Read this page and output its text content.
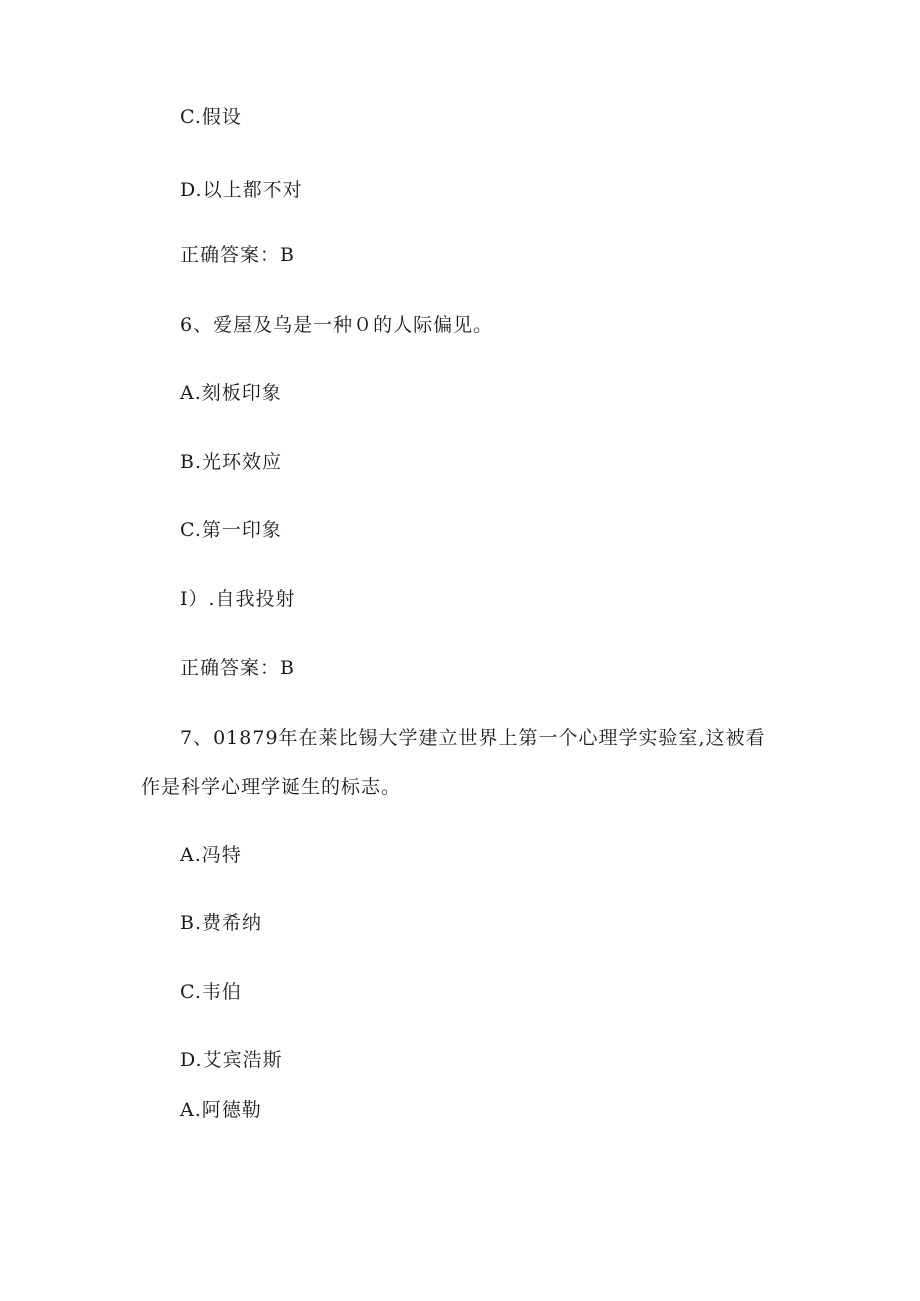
C.假设
D.以上都不对
正确答案：B
6、爱屋及乌是一种０的人际偏见。
A.刻板印象
B.光环效应
C.第一印象
I）.自我投射
正确答案：B
7、01879年在莱比锡大学建立世界上第一个心理学实验室,这被看
作是科学心理学诞生的标志。
A.冯特
B.费希纳
C.韦伯
D.艾宾浩斯
A.阿德勒
